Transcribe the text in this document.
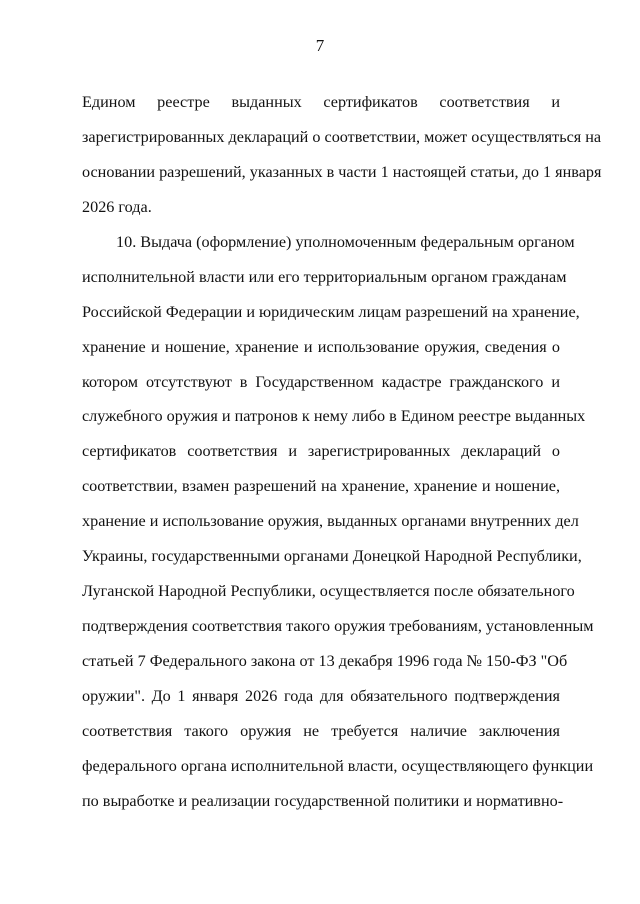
7
Едином реестре выданных сертификатов соответствия и
зарегистрированных деклараций о соответствии, может осуществляться на
основании разрешений, указанных в части 1 настоящей статьи, до 1 января
2026 года.
10. Выдача (оформление) уполномоченным федеральным органом
исполнительной власти или его территориальным органом гражданам
Российской Федерации и юридическим лицам разрешений на хранение,
хранение и ношение, хранение и использование оружия, сведения о
котором отсутствуют в Государственном кадастре гражданского и
служебного оружия и патронов к нему либо в Едином реестре выданных
сертификатов соответствия и зарегистрированных деклараций о
соответствии, взамен разрешений на хранение, хранение и ношение,
хранение и использование оружия, выданных органами внутренних дел
Украины, государственными органами Донецкой Народной Республики,
Луганской Народной Республики, осуществляется после обязательного
подтверждения соответствия такого оружия требованиям, установленным
статьей 7 Федерального закона от 13 декабря 1996 года № 150-ФЗ "Об
оружии". До 1 января 2026 года для обязательного подтверждения
соответствия такого оружия не требуется наличие заключения
федерального органа исполнительной власти, осуществляющего функции
по выработке и реализации государственной политики и нормативно-
